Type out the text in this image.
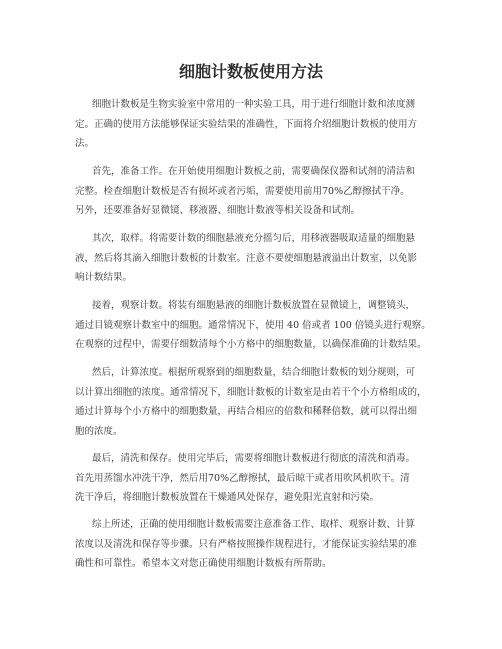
细胞计数板使用方法
细胞计数板是生物实验室中常用的一种实验工具，用于进行细胞计数和浓度测
定。正确的使用方法能够保证实验结果的准确性，下面将介绍细胞计数板的使用方
法。
首先，准备工作。在开始使用细胞计数板之前，需要确保仪器和试剂的清洁和
完整。检查细胞计数板是否有损坏或者污垢，需要使用前用70%乙醇擦拭干净。
另外，还要准备好显微镜、移液器、细胞计数液等相关设备和试剂。
其次，取样。将需要计数的细胞悬液充分摇匀后，用移液器吸取适量的细胞悬
液，然后将其滴入细胞计数板的计数室。注意不要使细胞悬液溢出计数室，以免影
响计数结果。
接着，观察计数。将装有细胞悬液的细胞计数板放置在显微镜上，调整镜头，
通过目镜观察计数室中的细胞。通常情况下，使用 40 倍或者 100 倍镜头进行观察。
在观察的过程中，需要仔细数清每个小方格中的细胞数量，以确保准确的计数结果。
然后，计算浓度。根据所观察到的细胞数量，结合细胞计数板的划分规则，可
以计算出细胞的浓度。通常情况下，细胞计数板的计数室是由若干个小方格组成的，
通过计算每个小方格中的细胞数量，再结合相应的倍数和稀释倍数，就可以得出细
胞的浓度。
最后，清洗和保存。使用完毕后，需要将细胞计数板进行彻底的清洗和消毒。
首先用蒸馏水冲洗干净，然后用70%乙醇擦拭，最后晾干或者用吹风机吹干。清
洗干净后，将细胞计数板放置在干燥通风处保存，避免阳光直射和污染。
综上所述，正确的使用细胞计数板需要注意准备工作、取样、观察计数、计算
浓度以及清洗和保存等步骤。只有严格按照操作规程进行，才能保证实验结果的准
确性和可靠性。希望本文对您正确使用细胞计数板有所帮助。
